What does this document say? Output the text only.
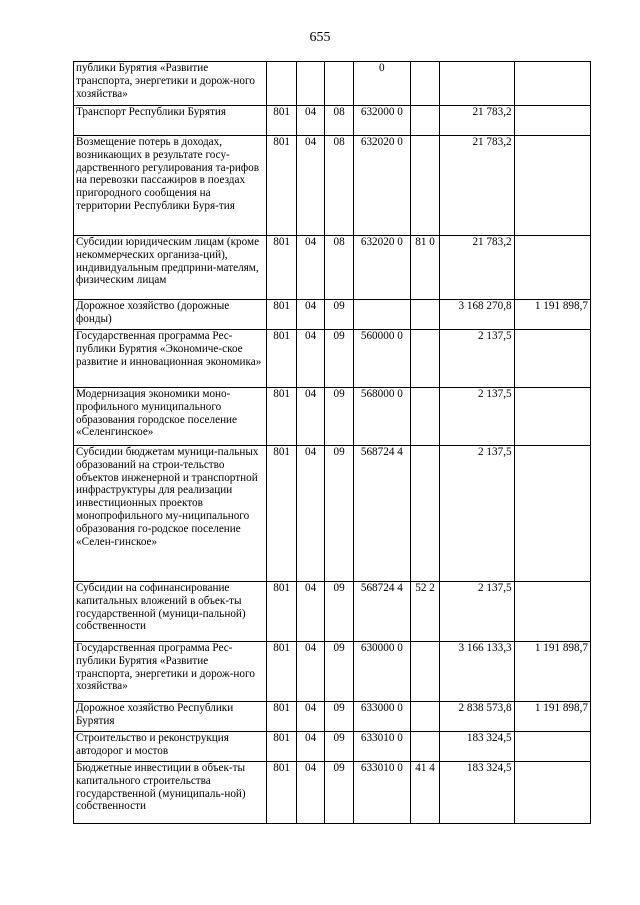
655
публики Бурятия «Развитие транспорта, энергетики и дорож-ного хозяйства»				0			
Транспорт Республики Бурятия	801	04	08	632000 0		21 783,2	
Возмещение потерь в доходах, возникающих в результате госу-дарственного регулирования та-рифов на перевозки пассажиров в поездах пригородного сообщения на территории Республики Буря-тия	801	04	08	632020 0		21 783,2	
Субсидии юридическим лицам (кроме некоммерческих организа-ций), индивидуальным предприни-мателям, физическим лицам	801	04	08	632020 0	81 0	21 783,2	
Дорожное хозяйство (дорожные фонды)	801	04	09			3 168 270,8	1 191 898,7
Государственная программа Рес-публики Бурятия «Экономиче-ское развитие и инновационная экономика»	801	04	09	560000 0		2 137,5	
Модернизация экономики моно-профильного муниципального образования городское поселение «Селенгинское»	801	04	09	568000 0		2 137,5	
Субсидии бюджетам муници-пальных образований на строи-тельство объектов инженерной и транспортной инфраструктуры для реализации инвестиционных проектов монопрофильного му-ниципального образования го-родское поселение «Селен-гинское»	801	04	09	568724 4		2 137,5	
Субсидии на софинансирование капитальных вложений в объек-ты государственной (муници-пальной) собственности	801	04	09	568724 4	52 2	2 137,5	
Государственная программа Рес-публики Бурятия «Развитие транспорта, энергетики и дорож-ного хозяйства»	801	04	09	630000 0		3 166 133,3	1 191 898,7
Дорожное хозяйство Республики Бурятия	801	04	09	633000 0		2 838 573,8	1 191 898,7
Строительство и реконструкция автодорог и мостов	801	04	09	633010 0		183 324,5	
Бюджетные инвестиции в объек-ты капитального строительства государственной (муниципаль-ной) собственности	801	04	09	633010 0	41 4	183 324,5	
